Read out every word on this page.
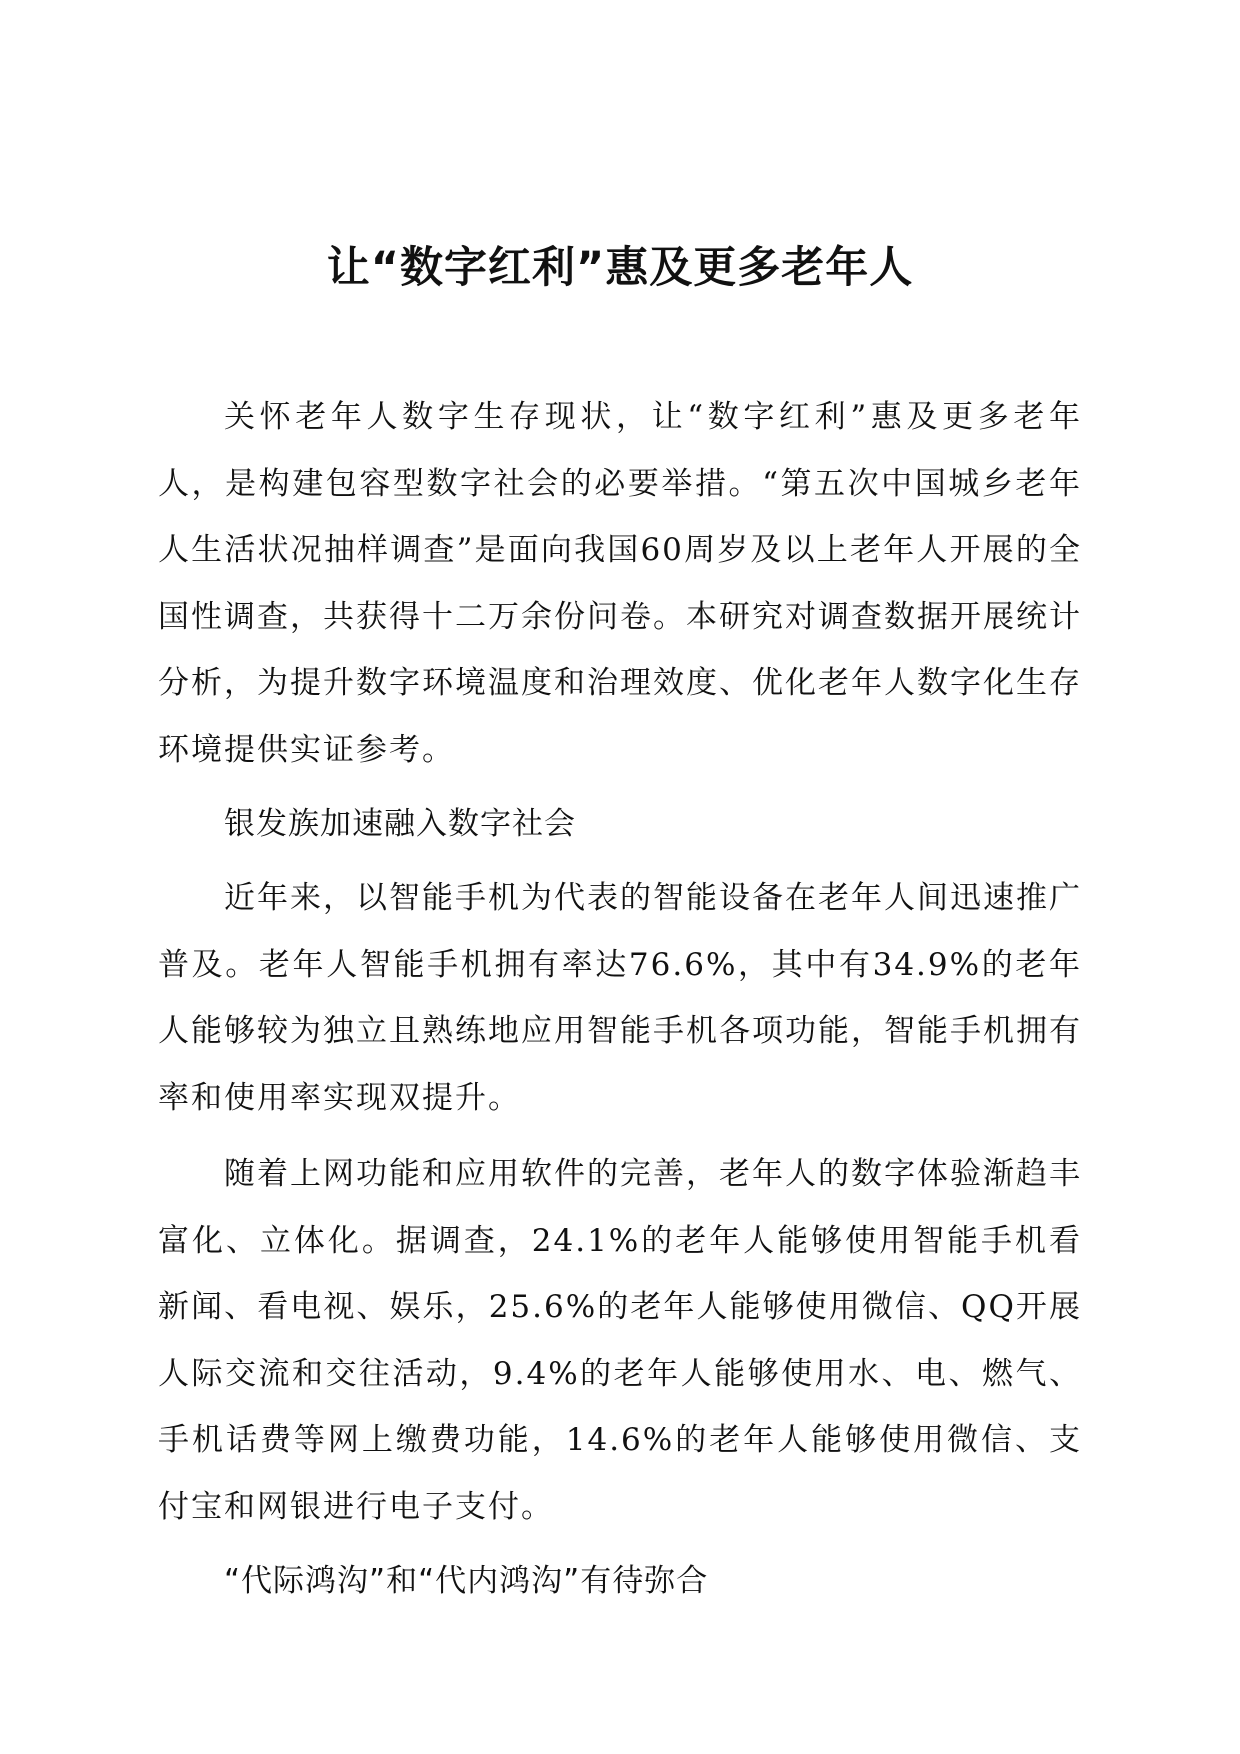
让“数字红利”惠及更多老年人

关怀老年人数字生存现状，让“数字红利”惠及更多老年人，是构建包容型数字社会的必要举措。“第五次中国城乡老年人生活状况抽样调查”是面向我国60周岁及以上老年人开展的全国性调查，共获得十二万余份问卷。本研究对调查数据开展统计分析，为提升数字环境温度和治理效度、优化老年人数字化生存环境提供实证参考。

银发族加速融入数字社会

近年来，以智能手机为代表的智能设备在老年人间迅速推广普及。老年人智能手机拥有率达76.6%，其中有34.9%的老年人能够较为独立且熟练地应用智能手机各项功能，智能手机拥有率和使用率实现双提升。

随着上网功能和应用软件的完善，老年人的数字体验渐趋丰富化、立体化。据调查，24.1%的老年人能够使用智能手机看新闻、看电视、娱乐，25.6%的老年人能够使用微信、QQ开展人际交流和交往活动，9.4%的老年人能够使用水、电、燃气、手机话费等网上缴费功能，14.6%的老年人能够使用微信、支付宝和网银进行电子支付。

“代际鸿沟”和“代内鸿沟”有待弥合
